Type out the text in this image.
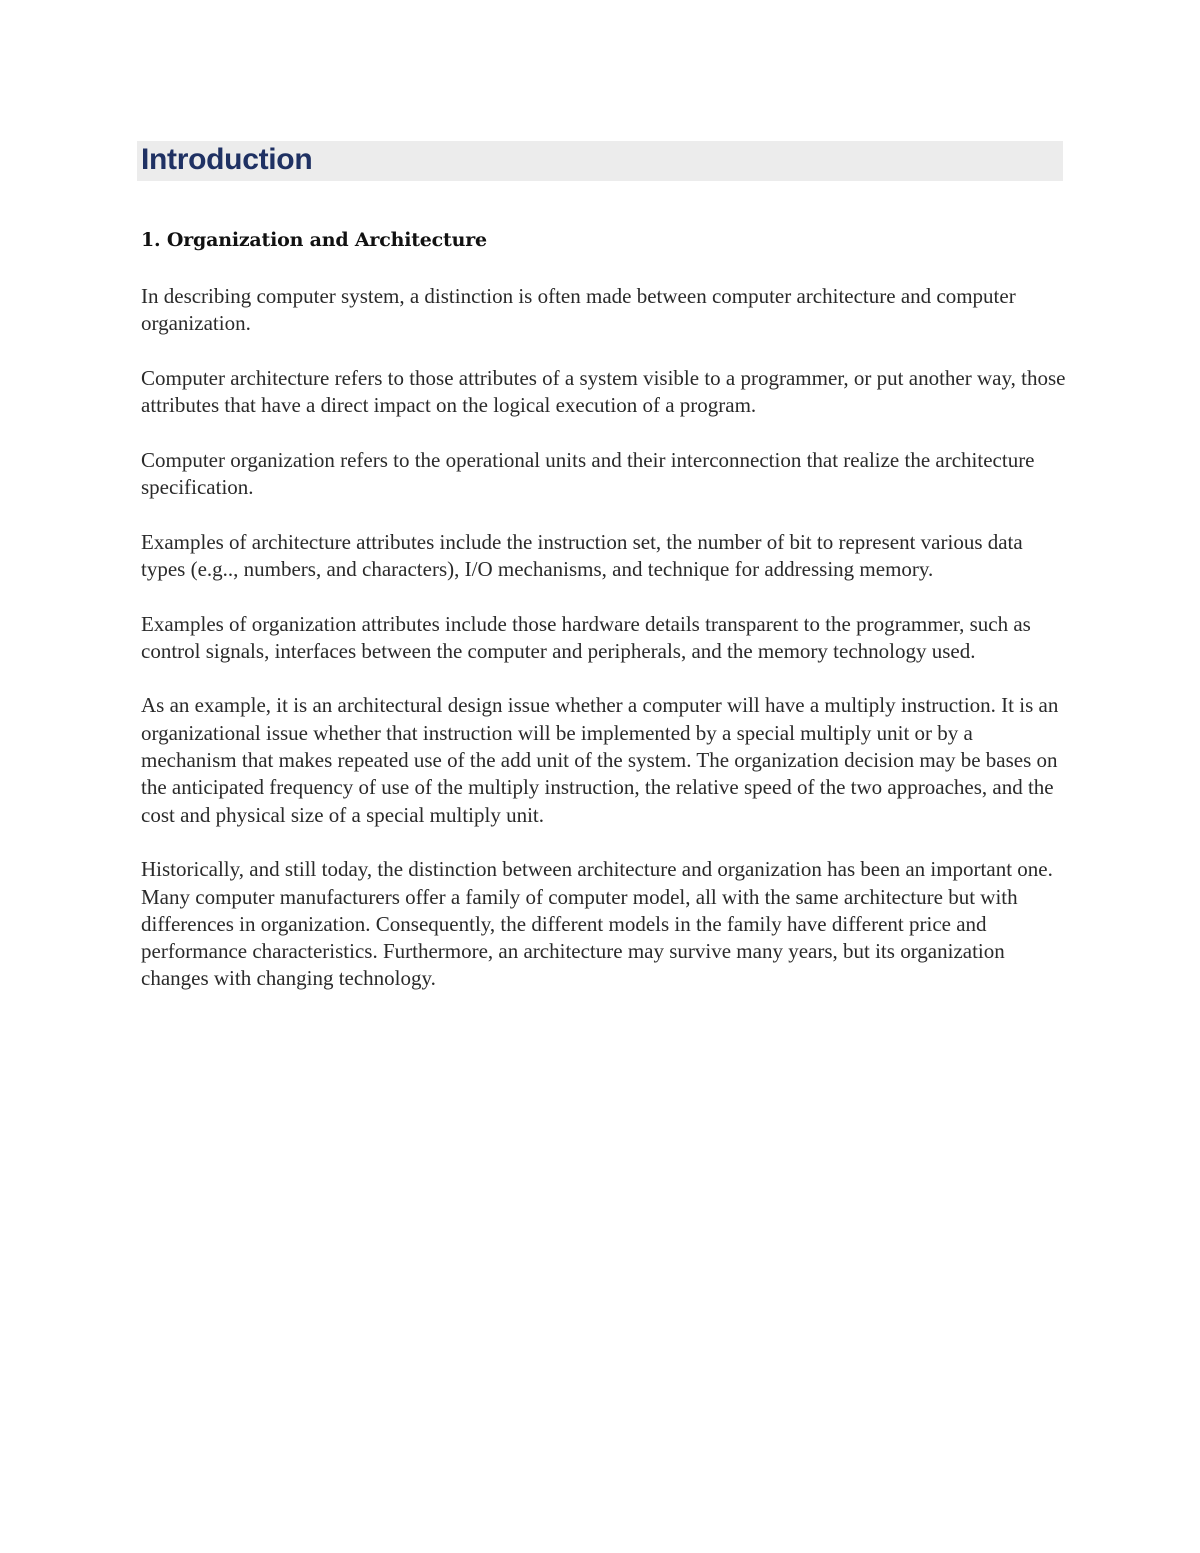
Introduction
1. Organization and Architecture

In describing computer system, a distinction is often made between computer architecture and computer organization.

Computer architecture refers to those attributes of a system visible to a programmer, or put another way, those attributes that have a direct impact on the logical execution of a program.

Computer organization refers to the operational units and their interconnection that realize the architecture specification.

Examples of architecture attributes include the instruction set, the number of bit to represent various data types (e.g.., numbers, and characters), I/O mechanisms, and technique for addressing memory.

Examples of organization attributes include those hardware details transparent to the programmer, such as control signals, interfaces between the computer and peripherals, and the memory technology used.

As an example, it is an architectural design issue whether a computer will have a multiply instruction. It is an organizational issue whether that instruction will be implemented by a special multiply unit or by a mechanism that makes repeated use of the add unit of the system. The organization decision may be bases on the anticipated frequency of use of the multiply instruction, the relative speed of the two approaches, and the cost and physical size of a special multiply unit.

Historically, and still today, the distinction between architecture and organization has been an important one. Many computer manufacturers offer a family of computer model, all with the same architecture but with differences in organization. Consequently, the different models in the family have different price and performance characteristics. Furthermore, an architecture may survive many years, but its organization changes with changing technology.
